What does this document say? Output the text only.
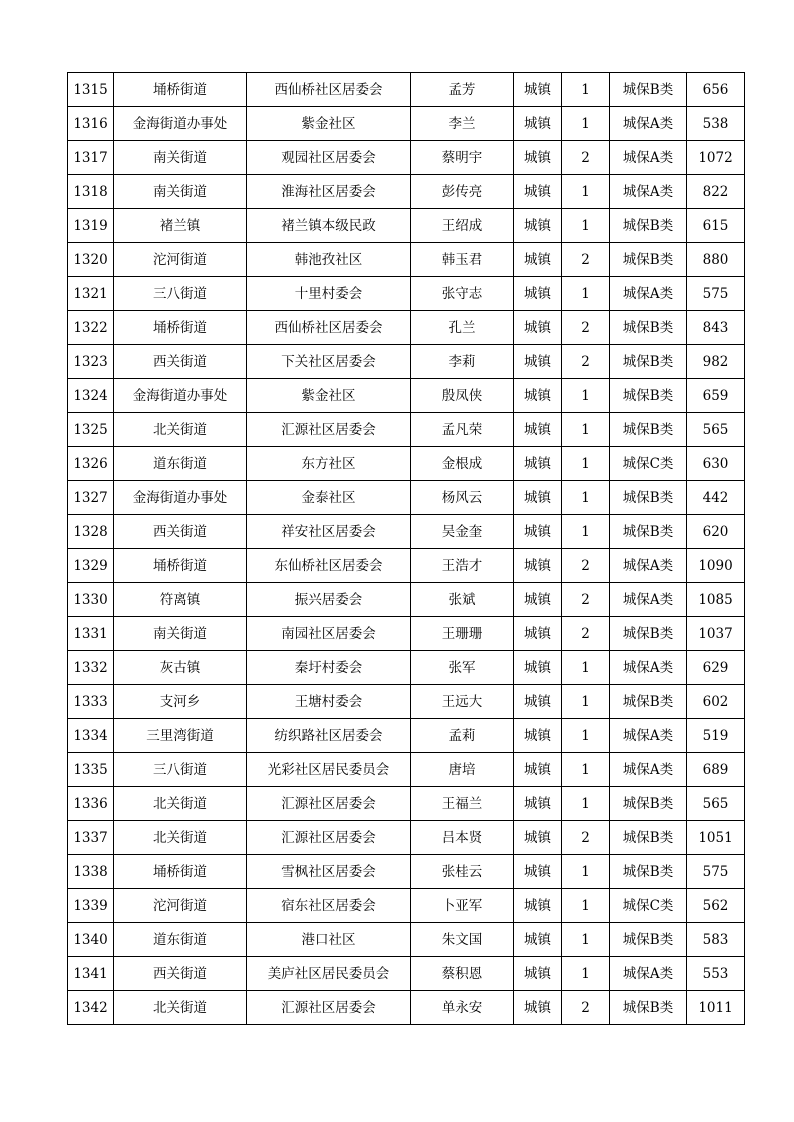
1315	埇桥街道	西仙桥社区居委会	孟芳	城镇	1	城保B类	656
1316	金海街道办事处	紫金社区	李兰	城镇	1	城保A类	538
1317	南关街道	观园社区居委会	蔡明宇	城镇	2	城保A类	1072
1318	南关街道	淮海社区居委会	彭传亮	城镇	1	城保A类	822
1319	褚兰镇	褚兰镇本级民政	王绍成	城镇	1	城保B类	615
1320	沱河街道	韩池孜社区	韩玉君	城镇	2	城保B类	880
1321	三八街道	十里村委会	张守志	城镇	1	城保A类	575
1322	埇桥街道	西仙桥社区居委会	孔兰	城镇	2	城保B类	843
1323	西关街道	下关社区居委会	李莉	城镇	2	城保B类	982
1324	金海街道办事处	紫金社区	殷凤侠	城镇	1	城保B类	659
1325	北关街道	汇源社区居委会	孟凡荣	城镇	1	城保B类	565
1326	道东街道	东方社区	金根成	城镇	1	城保C类	630
1327	金海街道办事处	金泰社区	杨风云	城镇	1	城保B类	442
1328	西关街道	祥安社区居委会	吴金奎	城镇	1	城保B类	620
1329	埇桥街道	东仙桥社区居委会	王浩才	城镇	2	城保A类	1090
1330	符离镇	振兴居委会	张斌	城镇	2	城保A类	1085
1331	南关街道	南园社区居委会	王珊珊	城镇	2	城保B类	1037
1332	灰古镇	秦圩村委会	张军	城镇	1	城保A类	629
1333	支河乡	王塘村委会	王远大	城镇	1	城保B类	602
1334	三里湾街道	纺织路社区居委会	孟莉	城镇	1	城保A类	519
1335	三八街道	光彩社区居民委员会	唐培	城镇	1	城保A类	689
1336	北关街道	汇源社区居委会	王福兰	城镇	1	城保B类	565
1337	北关街道	汇源社区居委会	吕本贤	城镇	2	城保B类	1051
1338	埇桥街道	雪枫社区居委会	张桂云	城镇	1	城保B类	575
1339	沱河街道	宿东社区居委会	卜亚军	城镇	1	城保C类	562
1340	道东街道	港口社区	朱文国	城镇	1	城保B类	583
1341	西关街道	美庐社区居民委员会	蔡积恩	城镇	1	城保A类	553
1342	北关街道	汇源社区居委会	单永安	城镇	2	城保B类	1011
